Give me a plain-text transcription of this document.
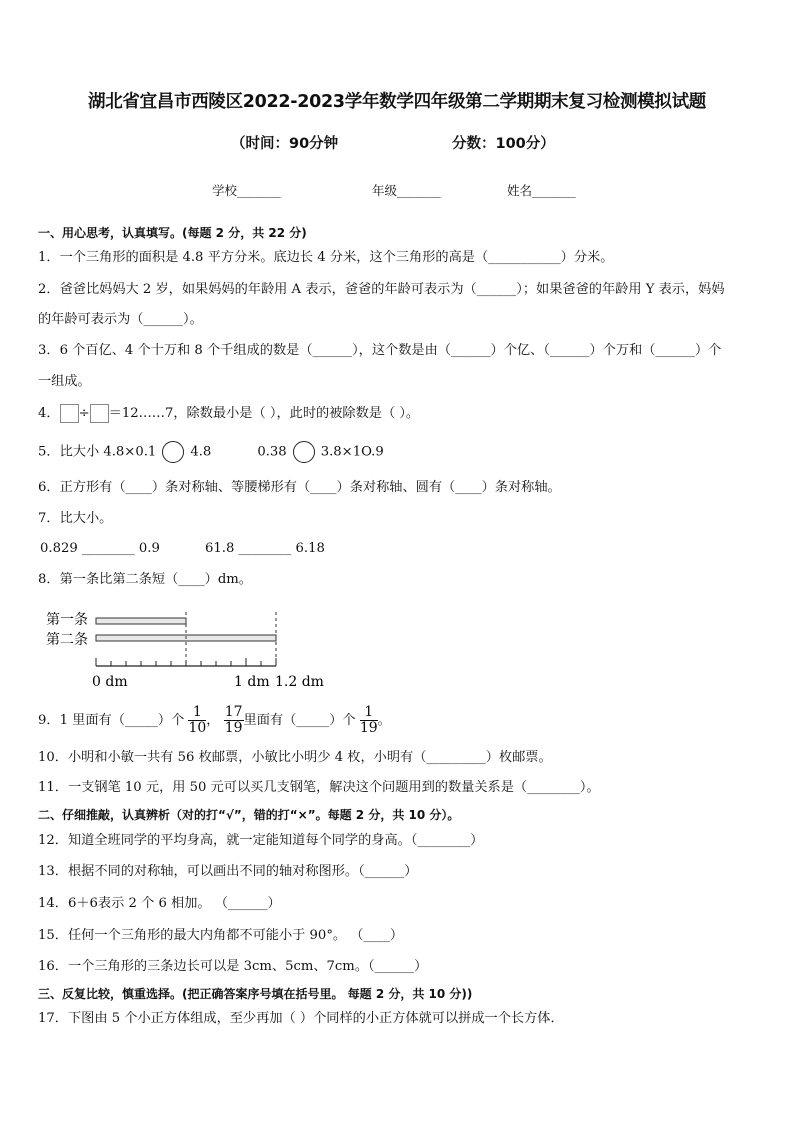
湖北省宜昌市西陵区2022-2023学年数学四年级第二学期期末复习检测模拟试题
（时间：90分钟	分数：100分）
学校_______	年级_______	姓名_______
一、用心思考，认真填写。(每题 2 分，共 22 分)
1．一个三角形的面积是 4.8 平方分米。底边长 4 分米，这个三角形的高是（___________）分米。
2．爸爸比妈妈大 2 岁，如果妈妈的年龄用 A 表示，爸爸的年龄可表示为（______）；如果爸爸的年龄用 Y 表示，妈妈
的年龄可表示为（______）。
3．6 个百亿、4 个十万和 8 个千组成的数是（______），这个数是由（______）个亿、（______）个万和（______）个
一组成。
4． ÷ ＝12……7，除数最小是（ ），此时的被除数是（ ）。
5．比大小 4.8×0.1	4.8	0.38	3.8×1O.9
6．正方形有（____）条对称轴、等腰梯形有（____）条对称轴、圆有（____）条对称轴。
7．比大小。
0.829 ________ 0.9	61.8 ________ 6.18
8．第一条比第二条短（____）dm。
第一条
第二条
0 dm	1 dm 1.2 dm
9．1 里面有（_____）个 $\frac{1}{10}$ ， $\frac{17}{19}$ 里面有（_____）个 $\frac{1}{19}$ 。
10．小明和小敏一共有 56 枚邮票，小敏比小明少 4 枚，小明有（_________）枚邮票。
11．一支钢笔 10 元，用 50 元可以买几支钢笔，解决这个问题用到的数量关系是（________）。
二、仔细推敲，认真辨析（对的打“√”，错的打“×”。每题 2 分，共 10 分）。
12．知道全班同学的平均身高，就一定能知道每个同学的身高。（________）
13．根据不同的对称轴，可以画出不同的轴对称图形。（______）
14．6＋6表示 2 个 6 相加。 （______）
15．任何一个三角形的最大内角都不可能小于 90°。 （____）
16．一个三角形的三条边长可以是 3cm、5cm、7cm。（______）
三、反复比较，慎重选择。(把正确答案序号填在括号里。 每题 2 分，共 10 分))
17．下图由 5 个小正方体组成，至少再加（ ）个同样的小正方体就可以拼成一个长方体．
